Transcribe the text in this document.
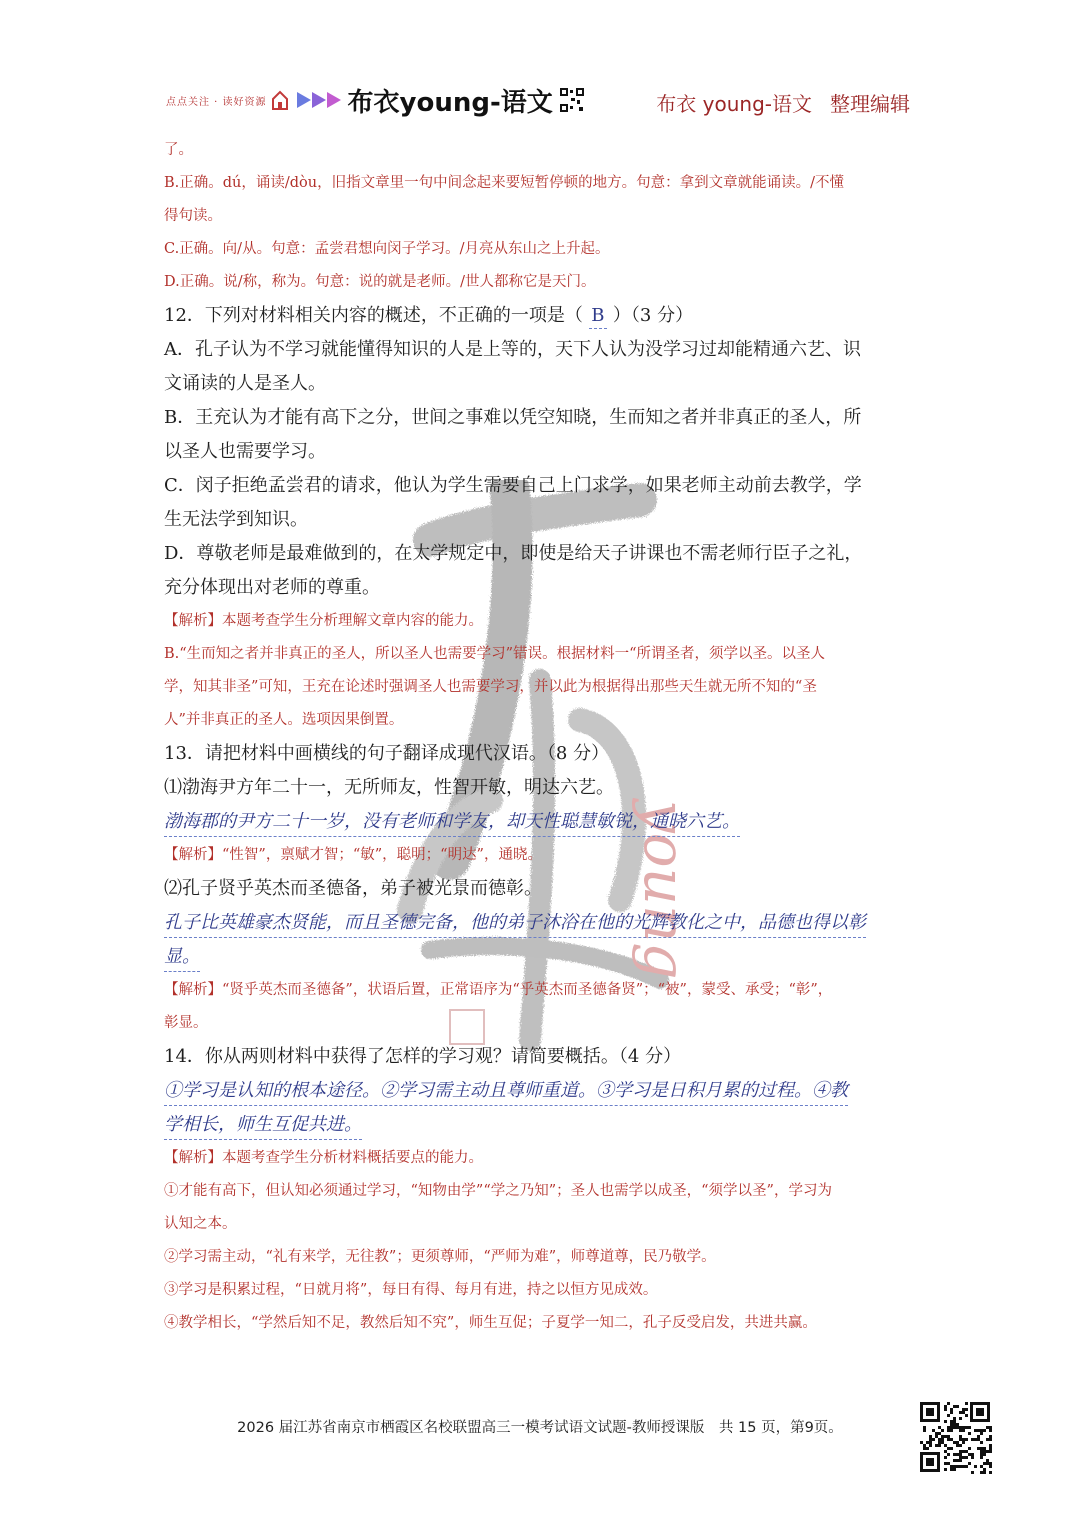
点点关注 · 读好资源	布衣young-语文	布衣 young-语文 整理编辑
young
了。
B.正确。dú，诵读/dòu，旧指文章里一句中间念起来要短暂停顿的地方。句意：拿到文章就能诵读。/不懂
得句读。
C.正确。向/从。句意：孟尝君想向闵子学习。/月亮从东山之上升起。
D.正确。说/称，称为。句意：说的就是老师。/世人都称它是天门。
12．下列对材料相关内容的概述，不正确的一项是（ B ）（3 分）
A．孔子认为不学习就能懂得知识的人是上等的，天下人认为没学习过却能精通六艺、识
文诵读的人是圣人。
B．王充认为才能有高下之分，世间之事难以凭空知晓，生而知之者并非真正的圣人，所
以圣人也需要学习。
C．闵子拒绝孟尝君的请求，他认为学生需要自己上门求学，如果老师主动前去教学，学
生无法学到知识。
D．尊敬老师是最难做到的，在太学规定中，即使是给天子讲课也不需老师行臣子之礼，
充分体现出对老师的尊重。
【解析】本题考查学生分析理解文章内容的能力。
B.“生而知之者并非真正的圣人，所以圣人也需要学习”错误。根据材料一“所谓圣者，须学以圣。以圣人
学，知其非圣”可知，王充在论述时强调圣人也需要学习，并以此为根据得出那些天生就无所不知的“圣
人”并非真正的圣人。选项因果倒置。
13．请把材料中画横线的句子翻译成现代汉语。（8 分）
⑴渤海尹方年二十一，无所师友，性智开敏，明达六艺。
渤海郡的尹方二十一岁，没有老师和学友，却天性聪慧敏锐，通晓六艺。
【解析】“性智”，禀赋才智；“敏”，聪明；“明达”，通晓。
⑵孔子贤乎英杰而圣德备，弟子被光景而德彰。
孔子比英雄豪杰贤能，而且圣德完备，他的弟子沐浴在他的光辉教化之中，品德也得以彰
显。
【解析】“贤乎英杰而圣德备”，状语后置，正常语序为“乎英杰而圣德备贤”；“被”，蒙受、承受；“彰”，
彰显。
14．你从两则材料中获得了怎样的学习观？请简要概括。（4 分）
①学习是认知的根本途径。②学习需主动且尊师重道。③学习是日积月累的过程。④教
学相长，师生互促共进。
【解析】本题考查学生分析材料概括要点的能力。
①才能有高下，但认知必须通过学习，“知物由学”“学之乃知”；圣人也需学以成圣，“须学以圣”，学习为
认知之本。
②学习需主动，“礼有来学，无往教”；更须尊师，“严师为难”，师尊道尊，民乃敬学。
③学习是积累过程，“日就月将”，每日有得、每月有进，持之以恒方见成效。
④教学相长，“学然后知不足，教然后知不究”，师生互促；子夏学一知二，孔子反受启发，共进共赢。
2026 届江苏省南京市栖霞区名校联盟高三一模考试语文试题-教师授课版　共 15 页，第9页。
